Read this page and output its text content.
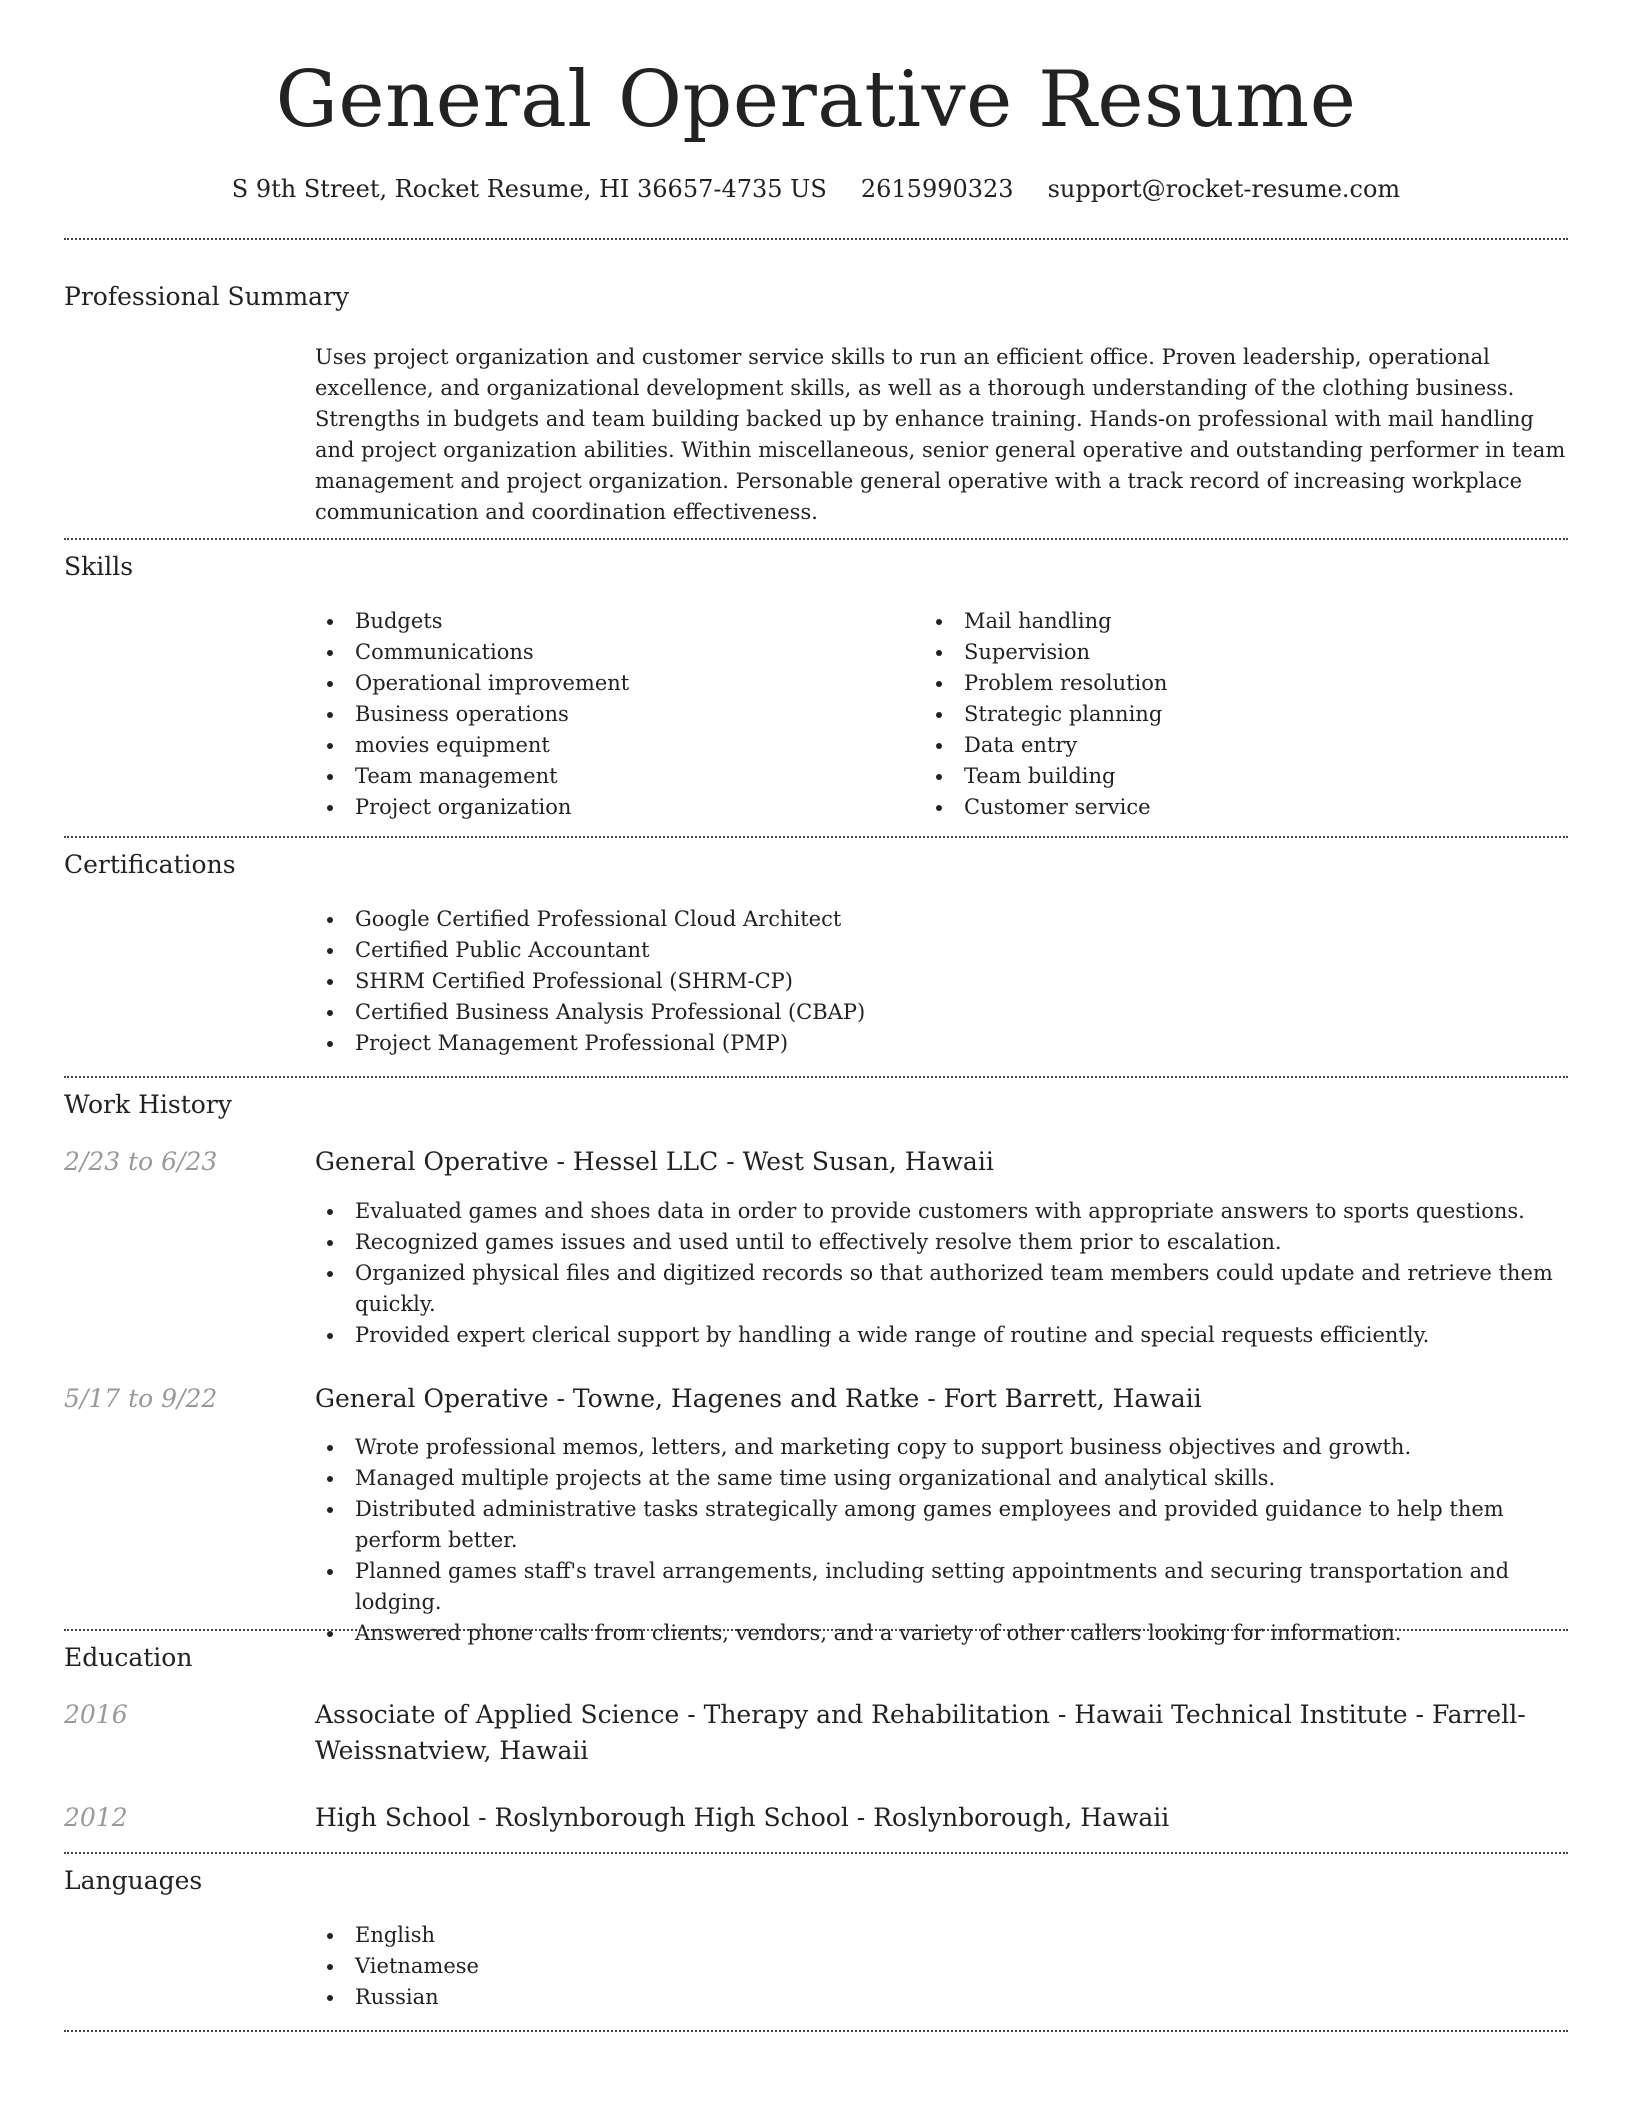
General Operative Resume
S 9th Street, Rocket Resume, HI 36657-4735 US 2615990323 support@rocket-resume.com
Professional Summary
Uses project organization and customer service skills to run an efficient office. Proven leadership, operational excellence, and organizational development skills, as well as a thorough understanding of the clothing business. Strengths in budgets and team building backed up by enhance training. Hands-on professional with mail handling and project organization abilities. Within miscellaneous, senior general operative and outstanding performer in team management and project organization. Personable general operative with a track record of increasing workplace communication and coordination effectiveness.
Skills
Budgets
Communications
Operational improvement
Business operations
movies equipment
Team management
Project organization
Mail handling
Supervision
Problem resolution
Strategic planning
Data entry
Team building
Customer service
Certifications
Google Certified Professional Cloud Architect
Certified Public Accountant
SHRM Certified Professional (SHRM-CP)
Certified Business Analysis Professional (CBAP)
Project Management Professional (PMP)
Work History
2/23 to 6/23	General Operative - Hessel LLC - West Susan, Hawaii
Evaluated games and shoes data in order to provide customers with appropriate answers to sports questions.
Recognized games issues and used until to effectively resolve them prior to escalation.
Organized physical files and digitized records so that authorized team members could update and retrieve them quickly.
Provided expert clerical support by handling a wide range of routine and special requests efficiently.
5/17 to 9/22	General Operative - Towne, Hagenes and Ratke - Fort Barrett, Hawaii
Wrote professional memos, letters, and marketing copy to support business objectives and growth.
Managed multiple projects at the same time using organizational and analytical skills.
Distributed administrative tasks strategically among games employees and provided guidance to help them perform better.
Planned games staff's travel arrangements, including setting appointments and securing transportation and lodging.
Answered phone calls from clients, vendors, and a variety of other callers looking for information.
Education
2016	Associate of Applied Science - Therapy and Rehabilitation - Hawaii Technical Institute - Farrell-Weissnatview, Hawaii
2012	High School - Roslynborough High School - Roslynborough, Hawaii
Languages
English
Vietnamese
Russian
